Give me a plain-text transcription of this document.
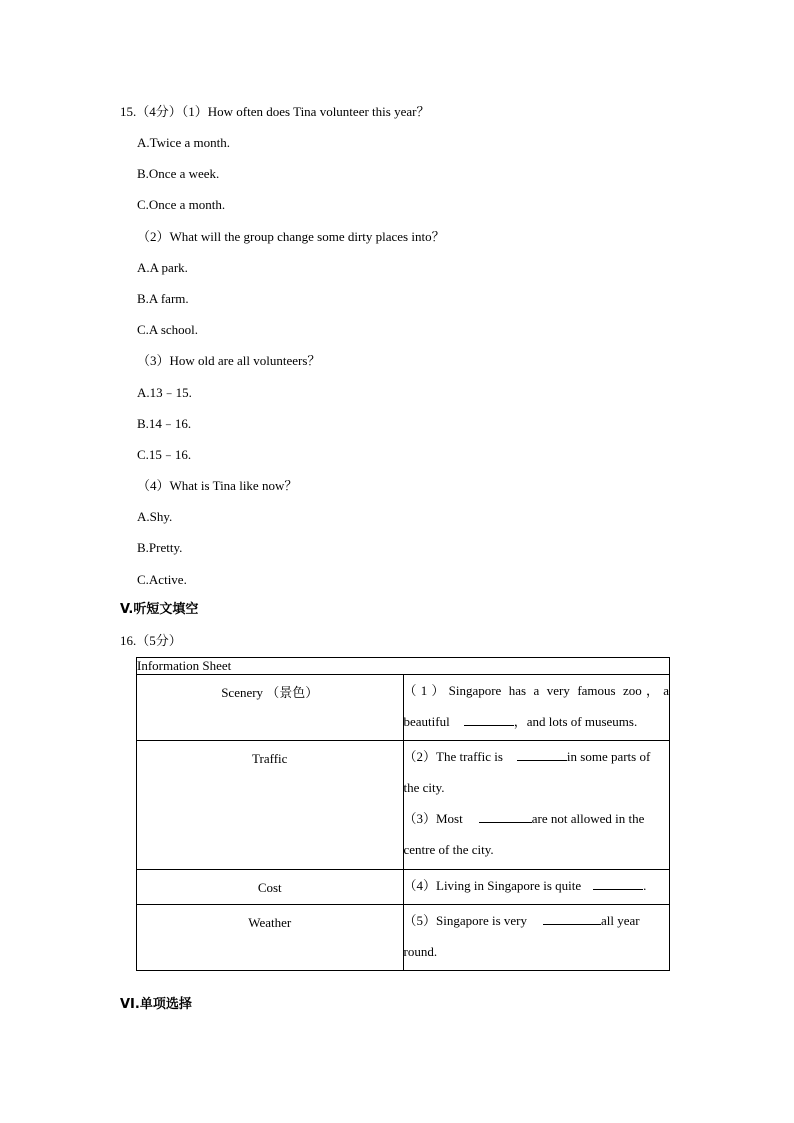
15.（4分）（1）How often does Tina volunteer this year？
A.Twice a month.
B.Once a week.
C.Once a month.
（2）What will the group change some dirty places into？
A.A park.
B.A farm.
C.A school.
（3）How old are all volunteers？
A.13﹣15.
B.14﹣16.
C.15﹣16.
（4）What is Tina like now？
A.Shy.
B.Pretty.
C.Active.
V.听短文填空
16.（5分）
Information Sheet	

Scenery （景色）	（1）Singapore has a very famous zoo，a
beautiful ，and lots of museums.

Traffic	（2）The traffic is in some parts of
the city.
（3）Most are not allowed in the
centre of the city.

Cost	（4）Living in Singapore is quite .

Weather	（5）Singapore is very all year
round.
VI.单项选择
